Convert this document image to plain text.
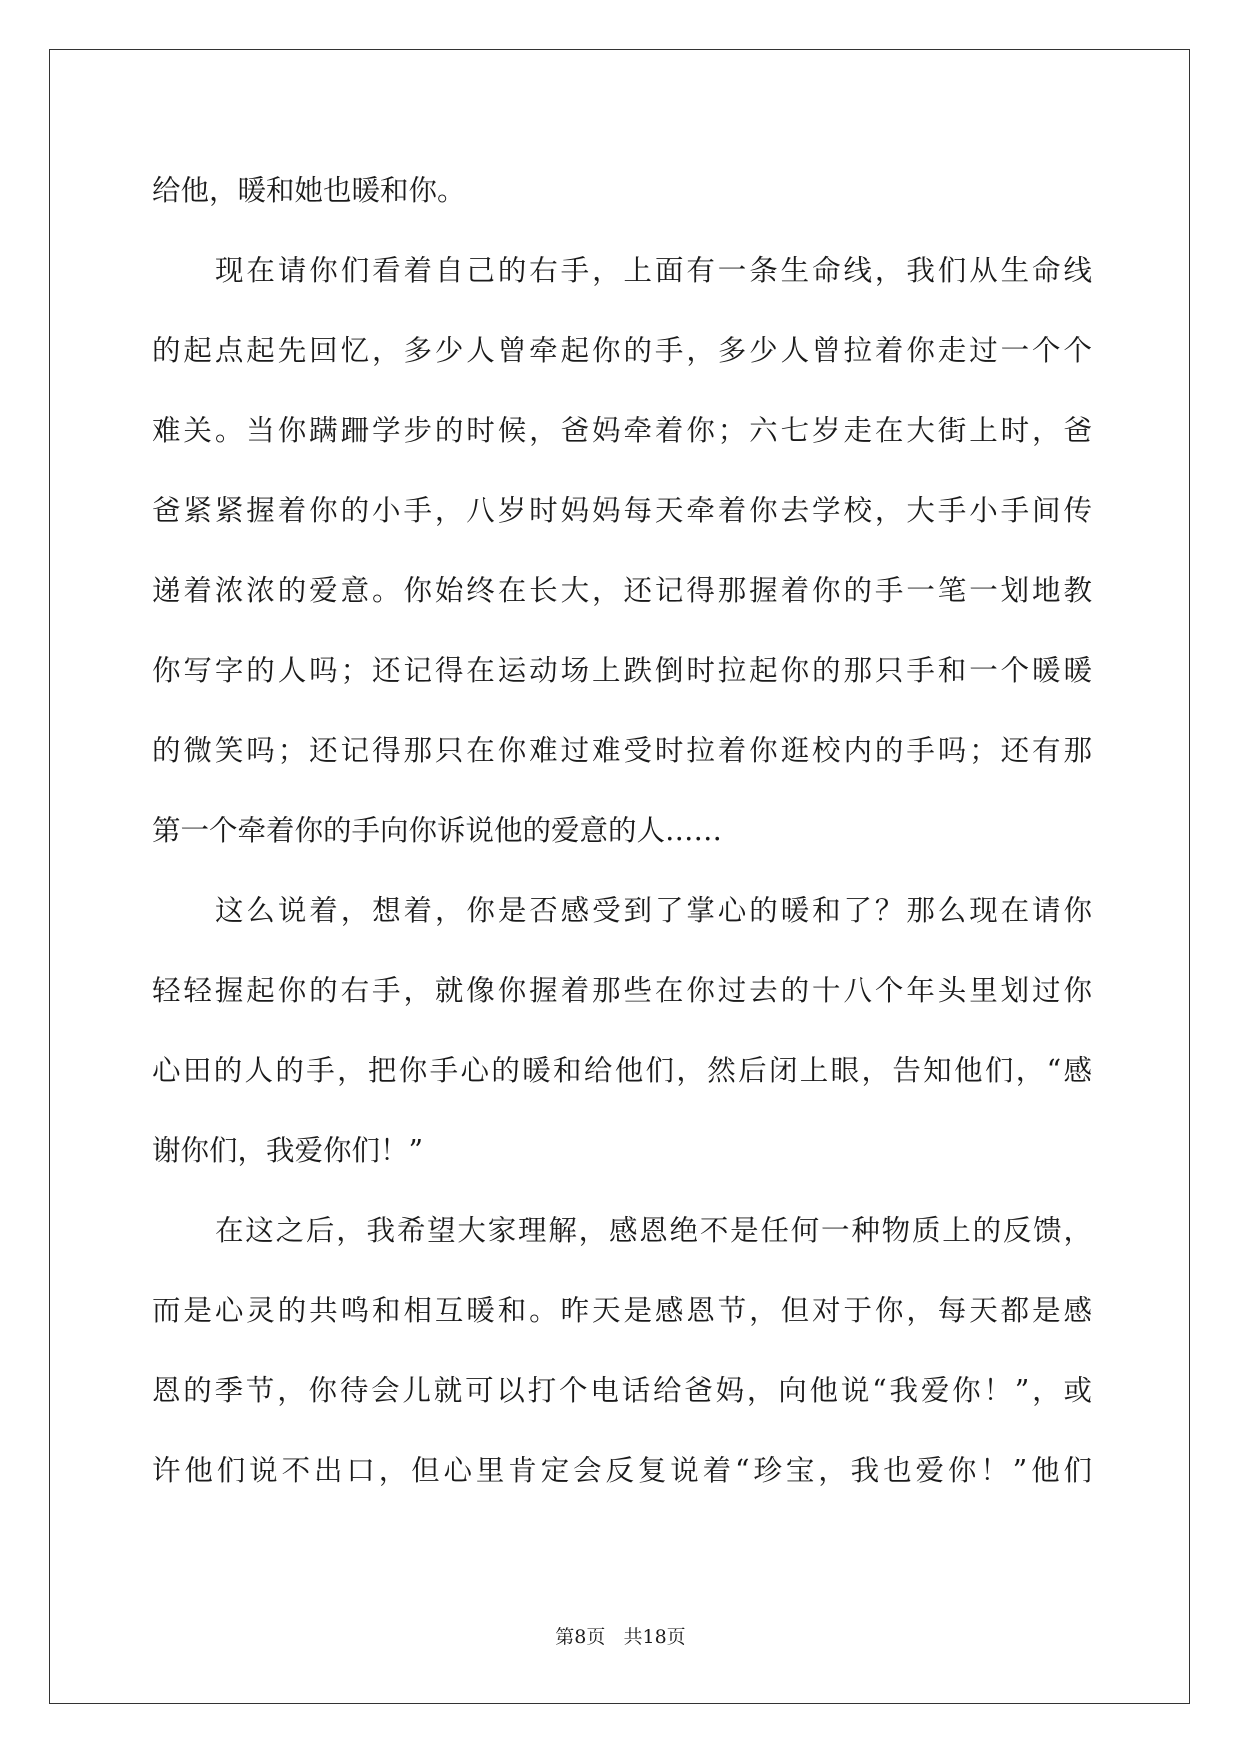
给他，暖和她也暖和你。
现在请你们看着自己的右手，上面有一条生命线，我们从生命线
的起点起先回忆，多少人曾牵起你的手，多少人曾拉着你走过一个个
难关。当你蹒跚学步的时候，爸妈牵着你；六七岁走在大街上时，爸
爸紧紧握着你的小手，八岁时妈妈每天牵着你去学校，大手小手间传
递着浓浓的爱意。你始终在长大，还记得那握着你的手一笔一划地教
你写字的人吗；还记得在运动场上跌倒时拉起你的那只手和一个暖暖
的微笑吗；还记得那只在你难过难受时拉着你逛校内的手吗；还有那
第一个牵着你的手向你诉说他的爱意的人……
这么说着，想着，你是否感受到了掌心的暖和了？那么现在请你
轻轻握起你的右手，就像你握着那些在你过去的十八个年头里划过你
心田的人的手，把你手心的暖和给他们，然后闭上眼，告知他们，“感
谢你们，我爱你们！”
在这之后，我希望大家理解，感恩绝不是任何一种物质上的反馈，
而是心灵的共鸣和相互暖和。昨天是感恩节，但对于你，每天都是感
恩的季节，你待会儿就可以打个电话给爸妈，向他说“我爱你！”，或
许他们说不出口，但心里肯定会反复说着“珍宝，我也爱你！”他们
第8页   共18页
